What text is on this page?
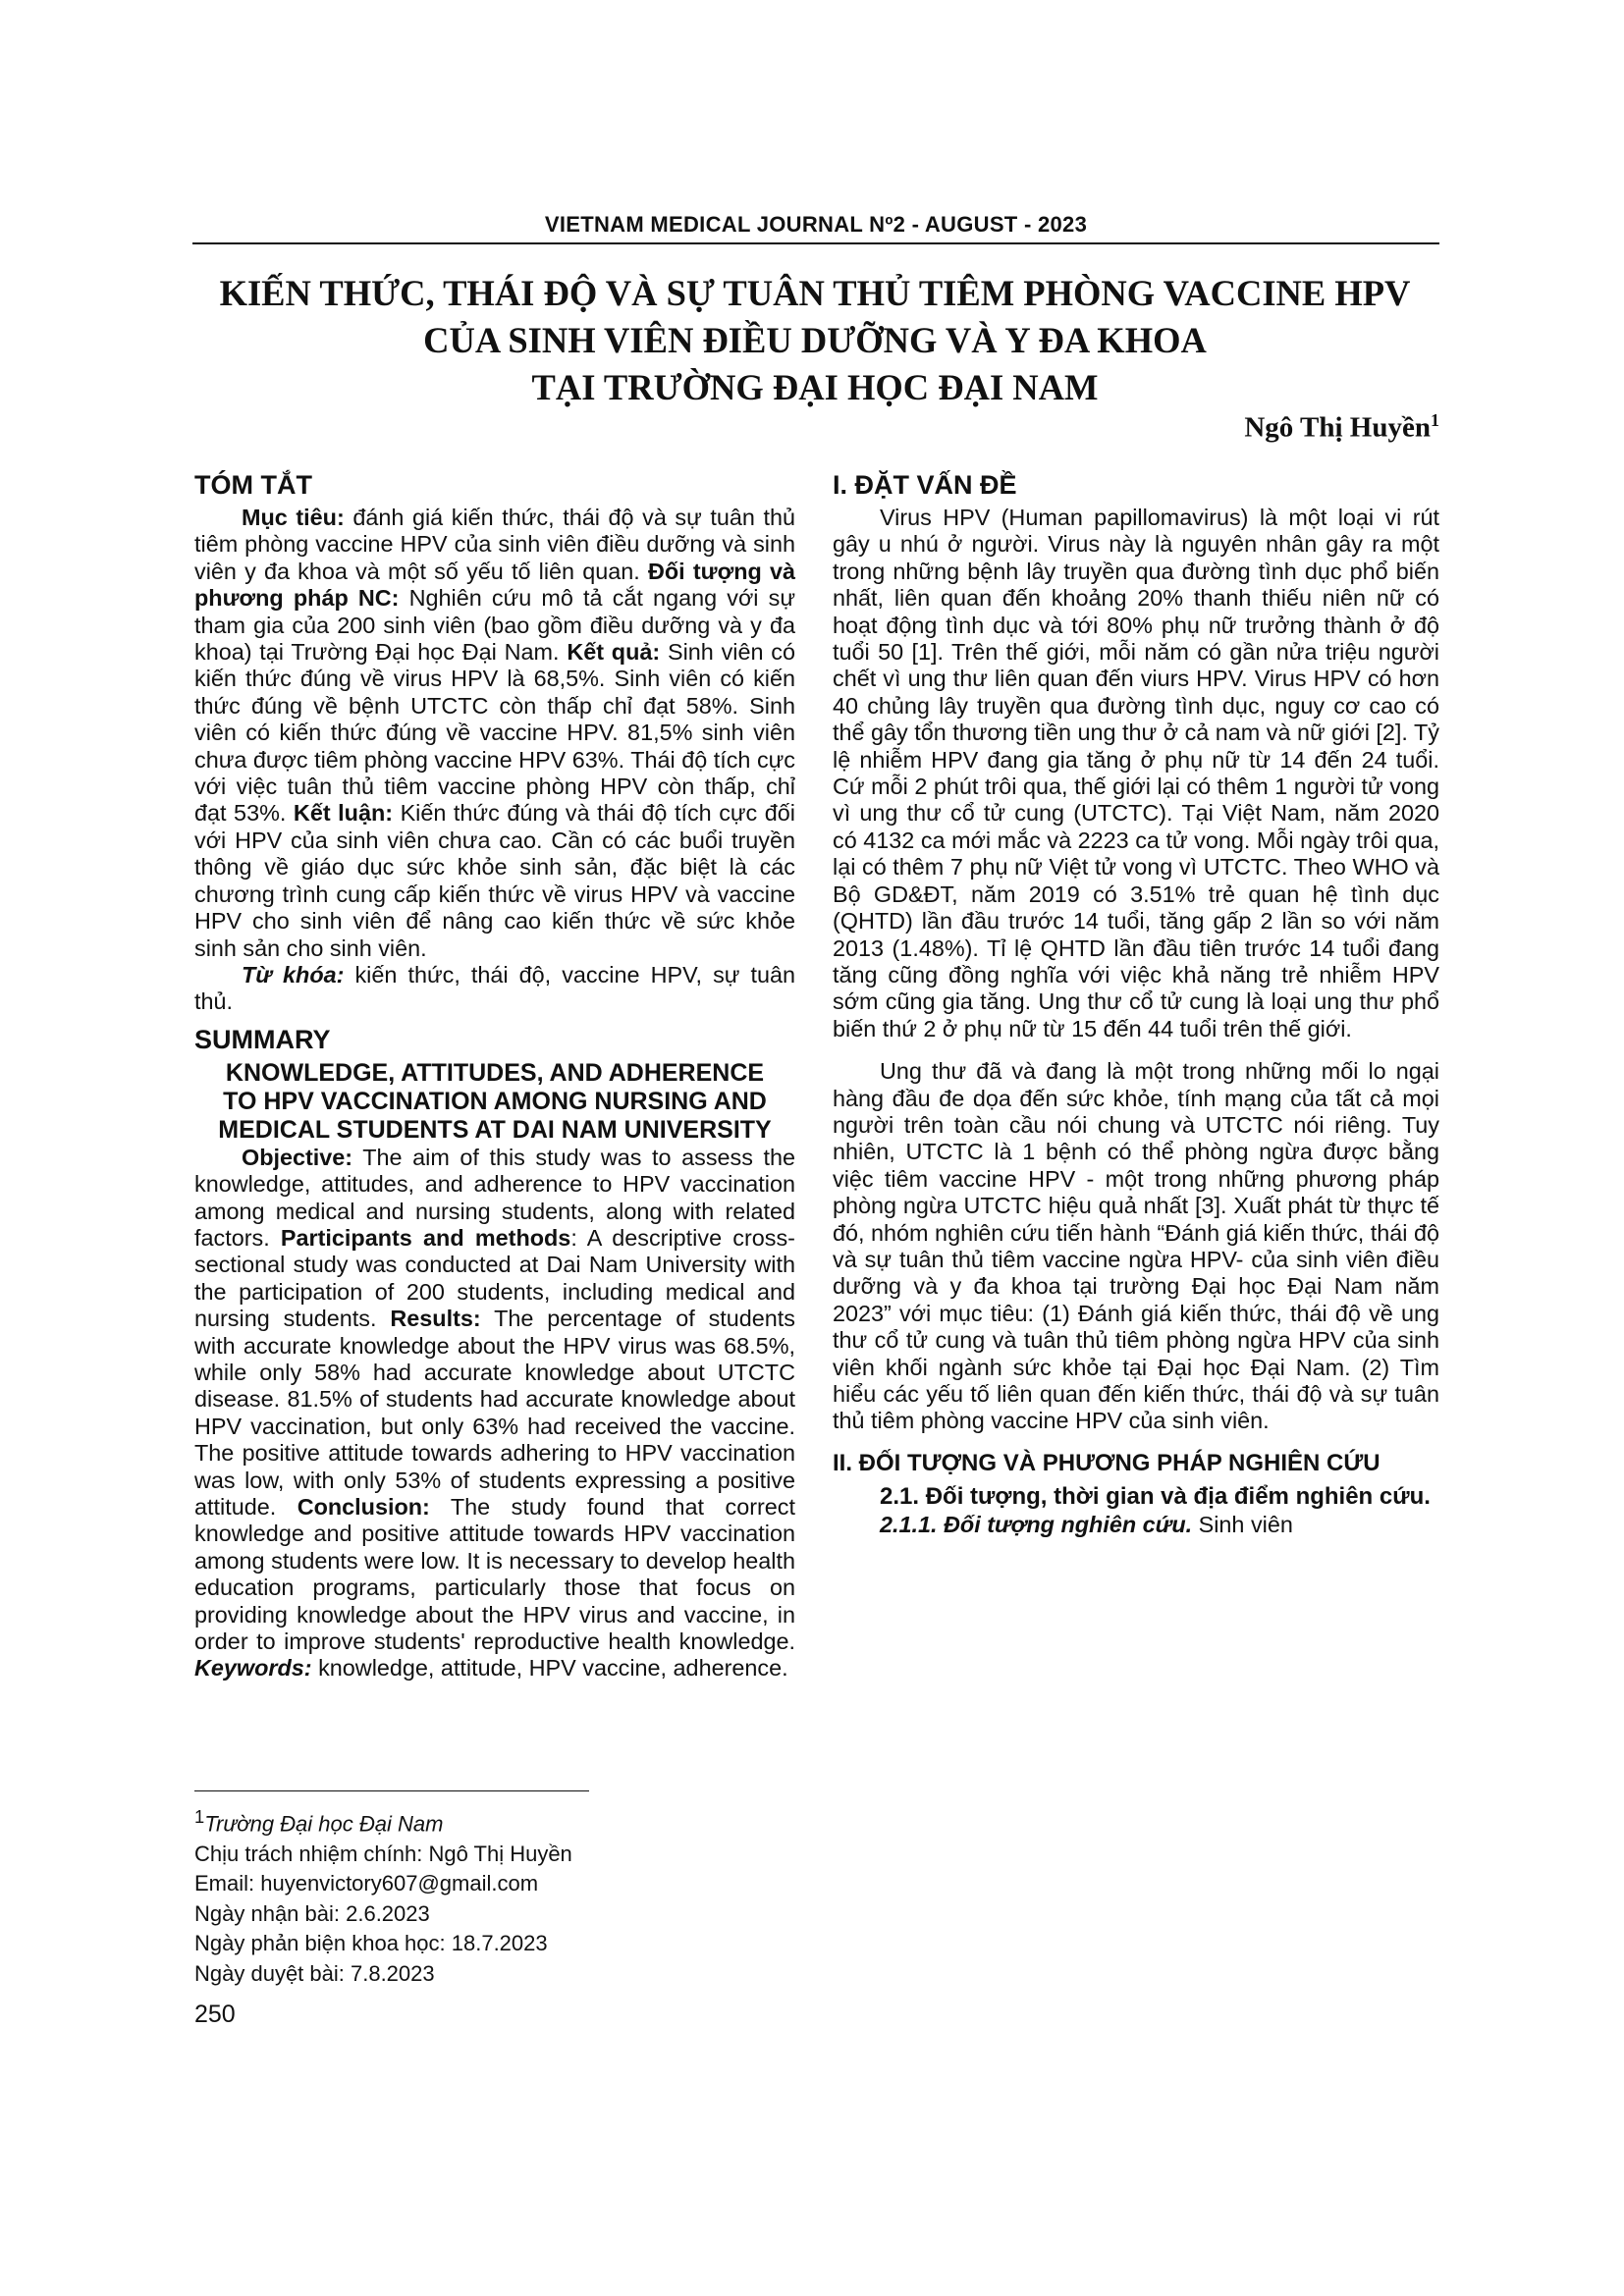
VIETNAM MEDICAL JOURNAL Nº2 - AUGUST - 2023
KIẾN THỨC, THÁI ĐỘ VÀ SỰ TUÂN THỦ TIÊM PHÒNG VACCINE HPV
CỦA SINH VIÊN ĐIỀU DƯỠNG VÀ Y ĐA KHOA
TẠI TRƯỜNG ĐẠI HỌC ĐẠI NAM
Ngô Thị Huyền$^1$
TÓM TẮT

Mục tiêu: đánh giá kiến thức, thái độ và sự tuân thủ tiêm phòng vaccine HPV của sinh viên điều dưỡng và sinh viên y đa khoa và một số yếu tố liên quan. Đối tượng và phương pháp NC: Nghiên cứu mô tả cắt ngang với sự tham gia của 200 sinh viên (bao gồm điều dưỡng và y đa khoa) tại Trường Đại học Đại Nam. Kết quả: Sinh viên có kiến thức đúng về virus HPV là 68,5%. Sinh viên có kiến thức đúng về bệnh UTCTC còn thấp chỉ đạt 58%. Sinh viên có kiến thức đúng về vaccine HPV. 81,5% sinh viên chưa được tiêm phòng vaccine HPV 63%. Thái độ tích cực với việc tuân thủ tiêm vaccine phòng HPV còn thấp, chỉ đạt 53%. Kết luận: Kiến thức đúng và thái độ tích cực đối với HPV của sinh viên chưa cao. Cần có các buổi truyền thông về giáo dục sức khỏe sinh sản, đặc biệt là các chương trình cung cấp kiến thức về virus HPV và vaccine HPV cho sinh viên để nâng cao kiến thức về sức khỏe sinh sản cho sinh viên.

Từ khóa: kiến thức, thái độ, vaccine HPV, sự tuân thủ.

SUMMARY
KNOWLEDGE, ATTITUDES, AND ADHERENCE
TO HPV VACCINATION AMONG NURSING AND
MEDICAL STUDENTS AT DAI NAM UNIVERSITY

Objective: The aim of this study was to assess the knowledge, attitudes, and adherence to HPV vaccination among medical and nursing students, along with related factors. Participants and methods: A descriptive cross-sectional study was conducted at Dai Nam University with the participation of 200 students, including medical and nursing students. Results: The percentage of students with accurate knowledge about the HPV virus was 68.5%, while only 58% had accurate knowledge about UTCTC disease. 81.5% of students had accurate knowledge about HPV vaccination, but only 63% had received the vaccine. The positive attitude towards adhering to HPV vaccination was low, with only 53% of students expressing a positive attitude. Conclusion: The study found that correct knowledge and positive attitude towards HPV vaccination among students were low. It is necessary to develop health education programs, particularly those that focus on providing knowledge about the HPV virus and vaccine, in order to improve students' reproductive health knowledge. Keywords: knowledge, attitude, HPV vaccine, adherence.

$^1$Trường Đại học Đại Nam
Chịu trách nhiệm chính: Ngô Thị Huyền
Email: huyenvictory607@gmail.com
Ngày nhận bài: 2.6.2023
Ngày phản biện khoa học: 18.7.2023
Ngày duyệt bài: 7.8.2023
250
I. ĐẶT VẤN ĐỀ

Virus HPV (Human papillomavirus) là một loại vi rút gây u nhú ở người. Virus này là nguyên nhân gây ra một trong những bệnh lây truyền qua đường tình dục phổ biến nhất, liên quan đến khoảng 20% thanh thiếu niên nữ có hoạt động tình dục và tới 80% phụ nữ trưởng thành ở độ tuổi 50 [1]. Trên thế giới, mỗi năm có gần nửa triệu người chết vì ung thư liên quan đến viurs HPV. Virus HPV có hơn 40 chủng lây truyền qua đường tình dục, nguy cơ cao có thể gây tổn thương tiền ung thư ở cả nam và nữ giới [2]. Tỷ lệ nhiễm HPV đang gia tăng ở phụ nữ từ 14 đến 24 tuổi. Cứ mỗi 2 phút trôi qua, thế giới lại có thêm 1 người tử vong vì ung thư cổ tử cung (UTCTC). Tại Việt Nam, năm 2020 có 4132 ca mới mắc và 2223 ca tử vong. Mỗi ngày trôi qua, lại có thêm 7 phụ nữ Việt tử vong vì UTCTC. Theo WHO và Bộ GD&ĐT, năm 2019 có 3.51% trẻ quan hệ tình dục (QHTD) lần đầu trước 14 tuổi, tăng gấp 2 lần so với năm 2013 (1.48%). Tỉ lệ QHTD lần đầu tiên trước 14 tuổi đang tăng cũng đồng nghĩa với việc khả năng trẻ nhiễm HPV sớm cũng gia tăng. Ung thư cổ tử cung là loại ung thư phổ biến thứ 2 ở phụ nữ từ 15 đến 44 tuổi trên thế giới.

Ung thư đã và đang là một trong những mối lo ngại hàng đầu đe dọa đến sức khỏe, tính mạng của tất cả mọi người trên toàn cầu nói chung và UTCTC nói riêng. Tuy nhiên, UTCTC là 1 bệnh có thể phòng ngừa được bằng việc tiêm vaccine HPV - một trong những phương pháp phòng ngừa UTCTC hiệu quả nhất [3]. Xuất phát từ thực tế đó, nhóm nghiên cứu tiến hành “Đánh giá kiến thức, thái độ và sự tuân thủ tiêm vaccine ngừa HPV- của sinh viên điều dưỡng và y đa khoa tại trường Đại học Đại Nam năm 2023” với mục tiêu: (1) Đánh giá kiến thức, thái độ về ung thư cổ tử cung và tuân thủ tiêm phòng ngừa HPV của sinh viên khối ngành sức khỏe tại Đại học Đại Nam. (2) Tìm hiểu các yếu tố liên quan đến kiến thức, thái độ và sự tuân thủ tiêm phòng vaccine HPV của sinh viên.

II. ĐỐI TƯỢNG VÀ PHƯƠNG PHÁP NGHIÊN CỨU

2.1. Đối tượng, thời gian và địa điểm nghiên cứu.

2.1.1. Đối tượng nghiên cứu. Sinh viên
